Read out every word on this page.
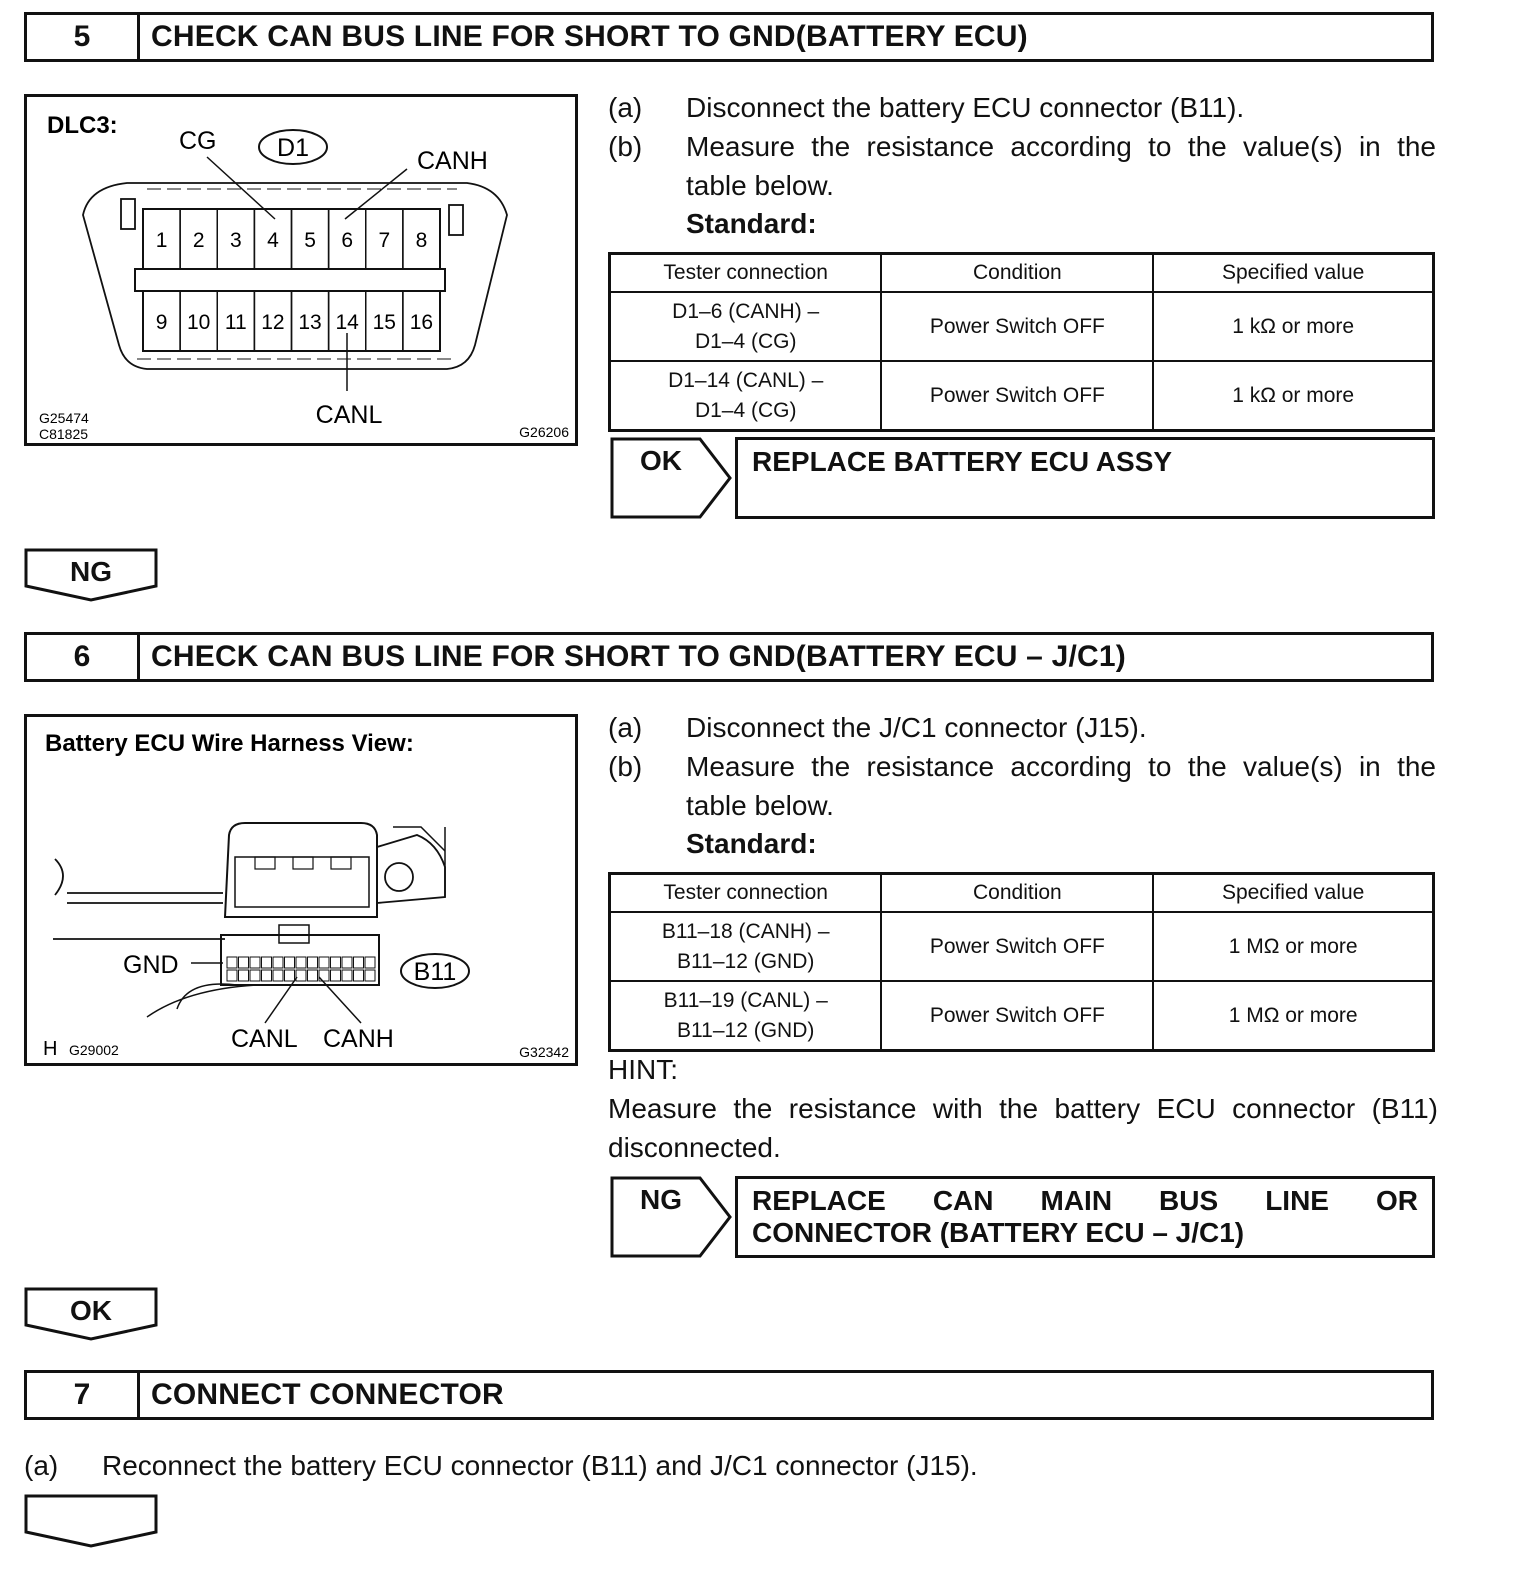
5	CHECK CAN BUS LINE FOR SHORT TO GND(BATTERY ECU)
DLC3:
CG D1	CANH
1 2 3 4 5 6 7 8
9 10 11 12 13 14 15 16
CANL
G25474
C81825	G26206
(a) Disconnect the battery ECU connector (B11).
(b) Measure the resistance according to the value(s) in the table below.
Standard:
Tester connection	Condition	Specified value
D1–6 (CANH) –
D1–4 (CG)	Power Switch OFF	1 kΩ or more
D1–14 (CANL) –
D1–4 (CG)	Power Switch OFF	1 kΩ or more
OK	REPLACE BATTERY ECU ASSY
NG
6	CHECK CAN BUS LINE FOR SHORT TO GND(BATTERY ECU – J/C1)
Battery ECU Wire Harness View:
GND	B11
CANL CANH
H G29002	G32342
(a) Disconnect the J/C1 connector (J15).
(b) Measure the resistance according to the value(s) in the table below.
Standard:
Tester connection	Condition	Specified value
B11–18 (CANH) –
B11–12 (GND)	Power Switch OFF	1 MΩ or more
B11–19 (CANL) –
B11–12 (GND)	Power Switch OFF	1 MΩ or more
HINT:
Measure the resistance with the battery ECU connector (B11) disconnected.
NG	REPLACE CAN MAIN BUS LINE OR
CONNECTOR (BATTERY ECU – J/C1)
OK
7	CONNECT CONNECTOR
(a) Reconnect the battery ECU connector (B11) and J/C1 connector (J15).
